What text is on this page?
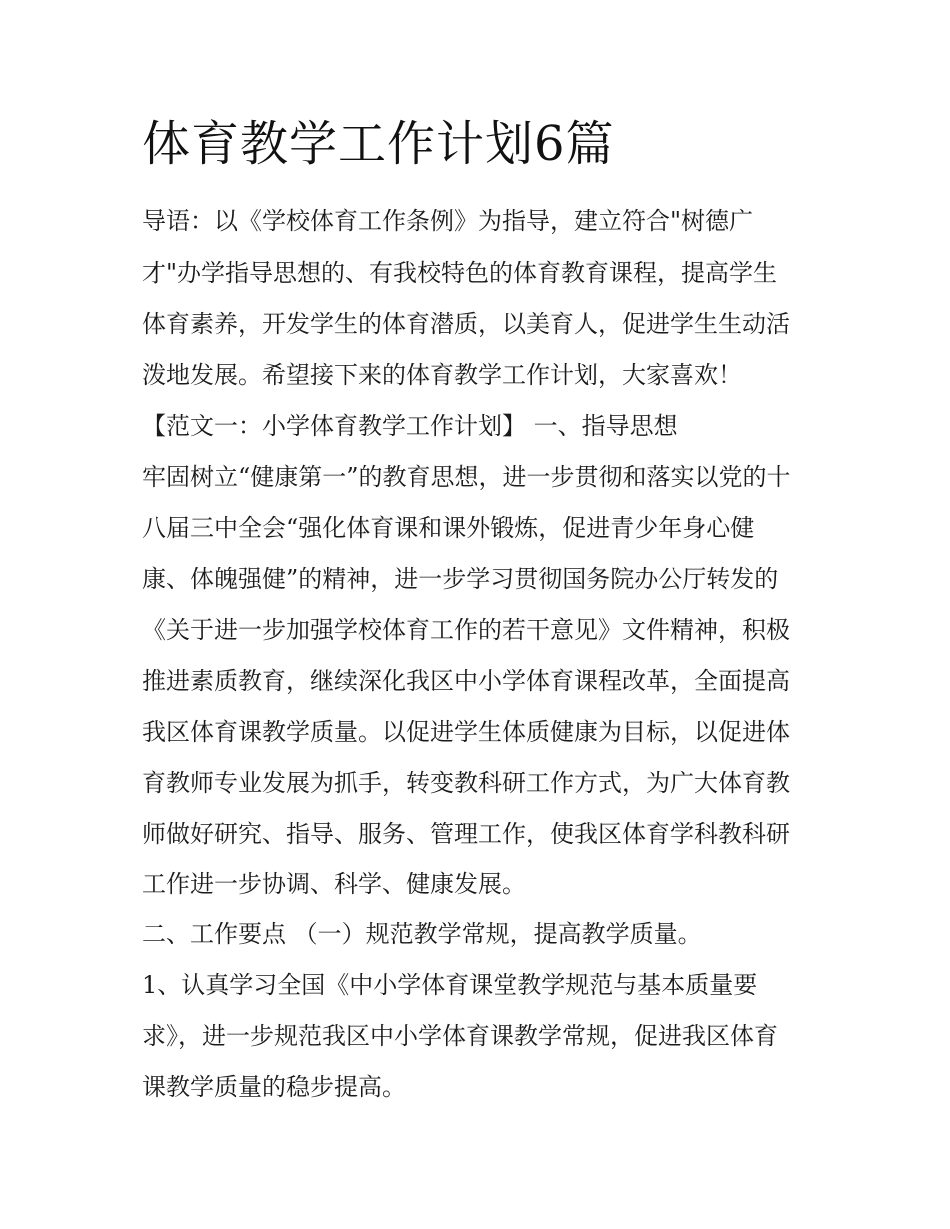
体育教学工作计划6篇
导语：以《学校体育工作条例》为指导，建立符合"树德广
才"办学指导思想的、有我校特色的体育教育课程，提高学生
体育素养，开发学生的体育潜质，以美育人，促进学生生动活
泼地发展。希望接下来的体育教学工作计划，大家喜欢！
【范文一：小学体育教学工作计划】 一、指导思想
牢固树立“健康第一”的教育思想，进一步贯彻和落实以党的十
八届三中全会“强化体育课和课外锻炼，促进青少年身心健
康、体魄强健”的精神，进一步学习贯彻国务院办公厅转发的
《关于进一步加强学校体育工作的若干意见》文件精神，积极
推进素质教育，继续深化我区中小学体育课程改革，全面提高
我区体育课教学质量。以促进学生体质健康为目标，以促进体
育教师专业发展为抓手，转变教科研工作方式，为广大体育教
师做好研究、指导、服务、管理工作，使我区体育学科教科研
工作进一步协调、科学、健康发展。
二、工作要点 （一）规范教学常规，提高教学质量。
1、认真学习全国《中小学体育课堂教学规范与基本质量要
求》，进一步规范我区中小学体育课教学常规，促进我区体育
课教学质量的稳步提高。
